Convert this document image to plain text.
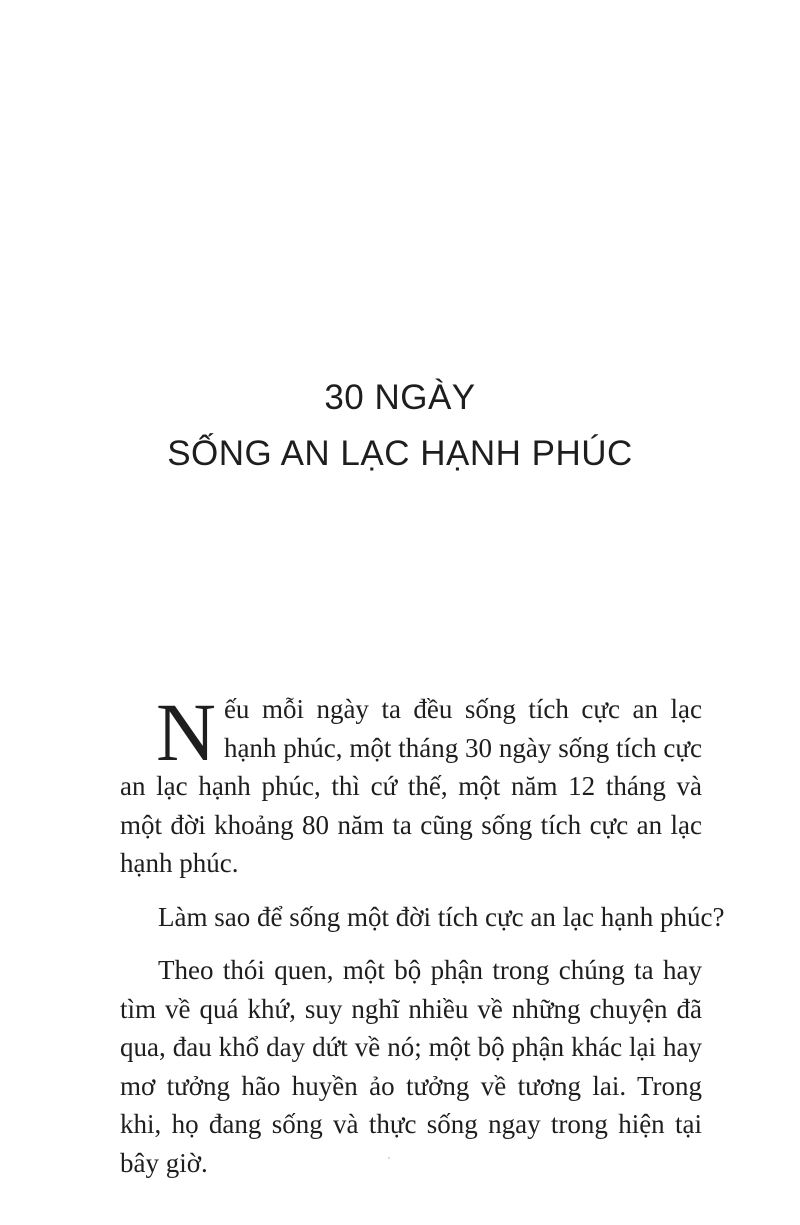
30 NGÀY
SỐNG AN LẠC HẠNH PHÚC

Nếu mỗi ngày ta đều sống tích cực an lạc hạnh phúc, một tháng 30 ngày sống tích cực an lạc hạnh phúc, thì cứ thế, một năm 12 tháng và một đời khoảng 80 năm ta cũng sống tích cực an lạc hạnh phúc.

Làm sao để sống một đời tích cực an lạc hạnh phúc?

Theo thói quen, một bộ phận trong chúng ta hay tìm về quá khứ, suy nghĩ nhiều về những chuyện đã qua, đau khổ day dứt về nó; một bộ phận khác lại hay mơ tưởng hão huyền ảo tưởng về tương lai. Trong khi, họ đang sống và thực sống ngay trong hiện tại bây giờ.
